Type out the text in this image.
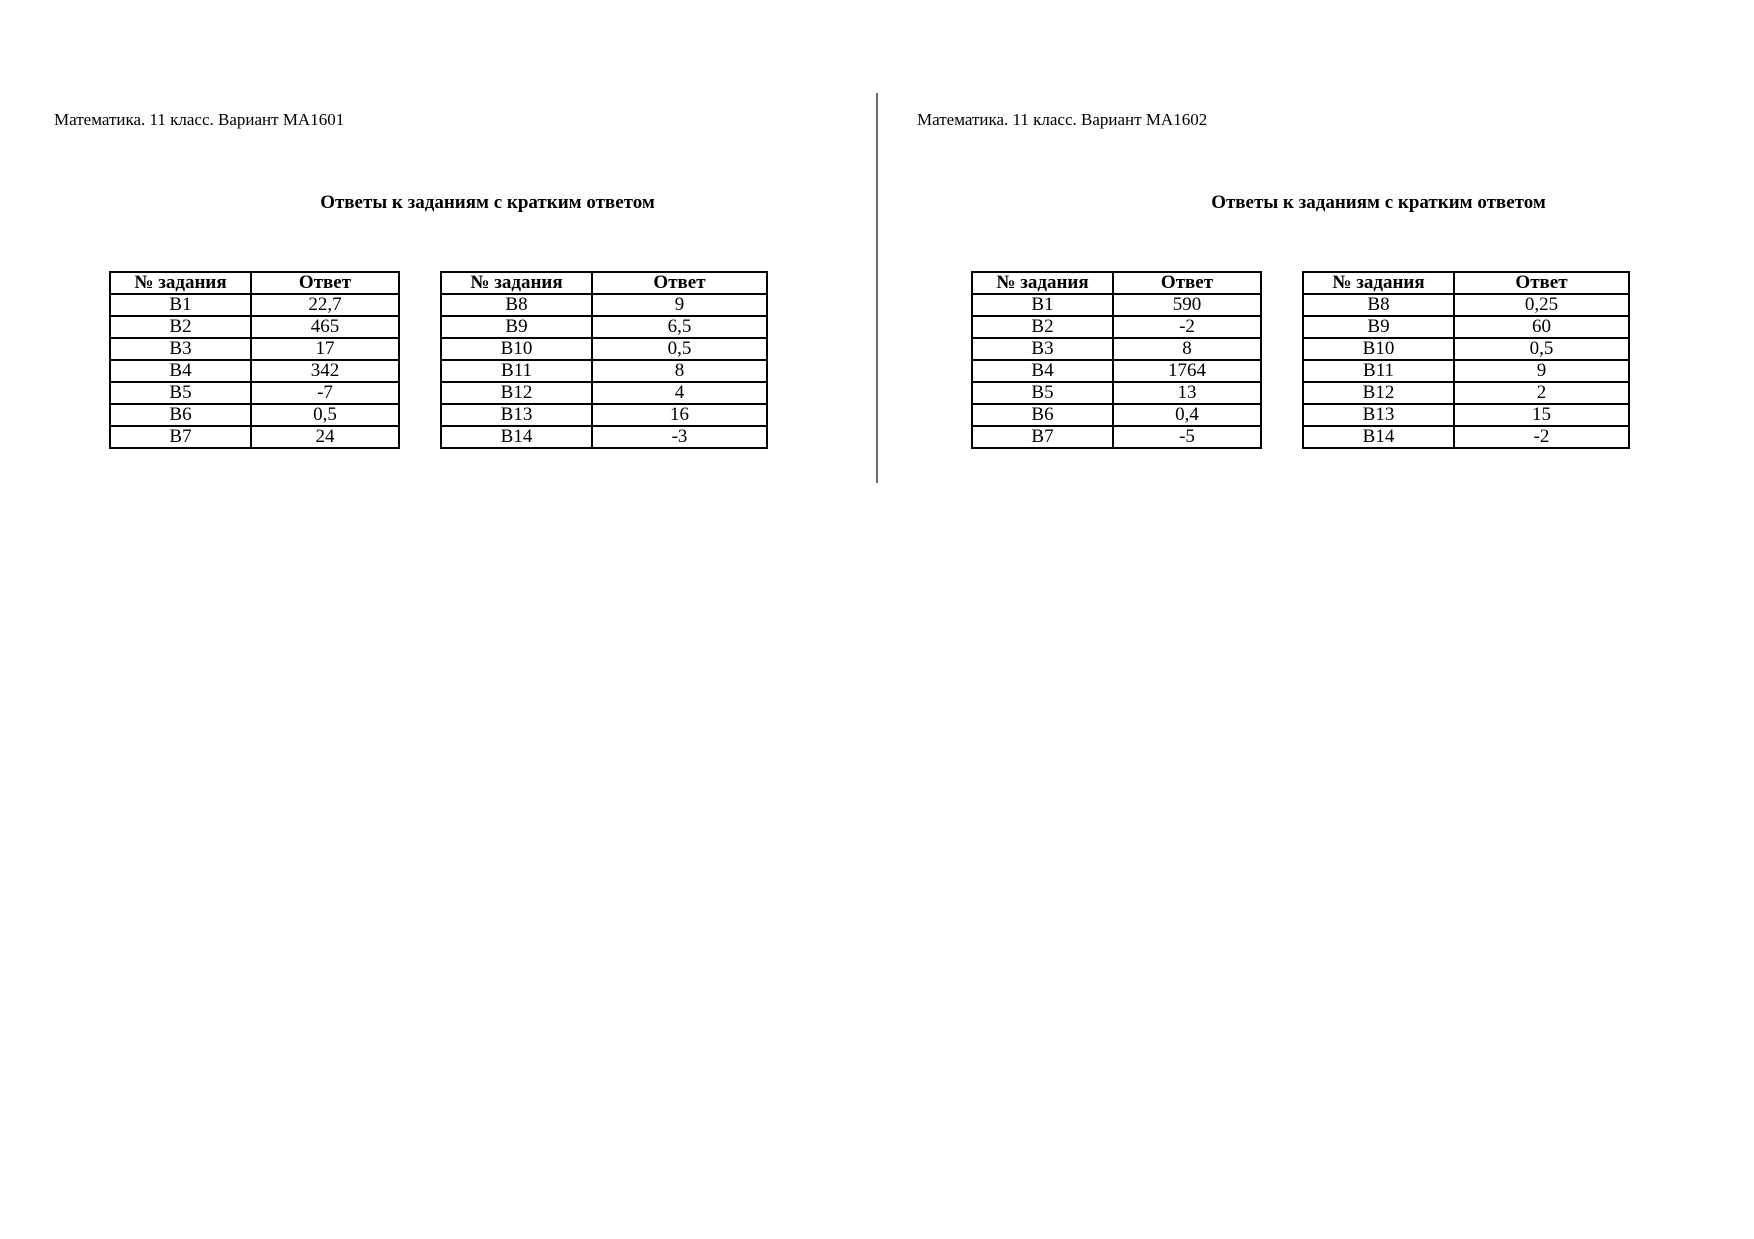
Математика. 11 класс. Вариант МА1601
Ответы к заданиям с кратким ответом
№ задания	Ответ
В1	22,7
В2	465
В3	17
В4	342
В5	-7
В6	0,5
В7	24
№ задания	Ответ
В8	9
В9	6,5
В10	0,5
В11	8
В12	4
В13	16
В14	-3
Математика. 11 класс. Вариант МА1602
Ответы к заданиям с кратким ответом
№ задания	Ответ
В1	590
В2	-2
В3	8
В4	1764
В5	13
В6	0,4
В7	-5
№ задания	Ответ
В8	0,25
В9	60
В10	0,5
В11	9
В12	2
В13	15
В14	-2
